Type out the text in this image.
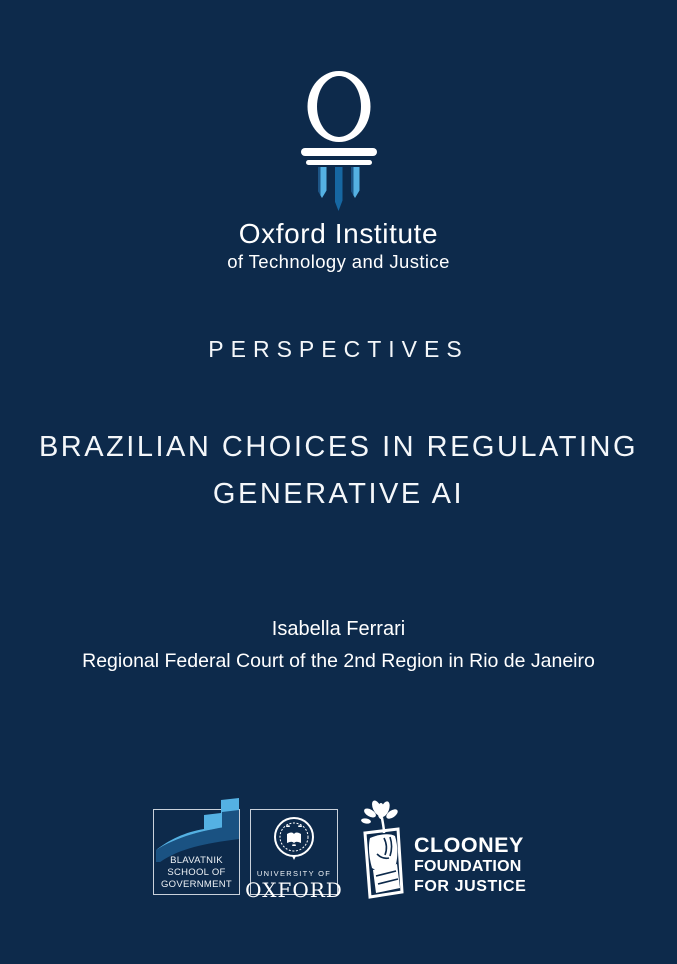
Oxford Institute
of Technology and Justice
PERSPECTIVES
BRAZILIAN CHOICES IN REGULATING
GENERATIVE AI
Isabella Ferrari
Regional Federal Court of the 2nd Region in Rio de Janeiro
BLAVATNIK
SCHOOL OF
GOVERNMENT
UNIVERSITY OF
OXFORD
CLOONEY
FOUNDATION
FOR JUSTICE
